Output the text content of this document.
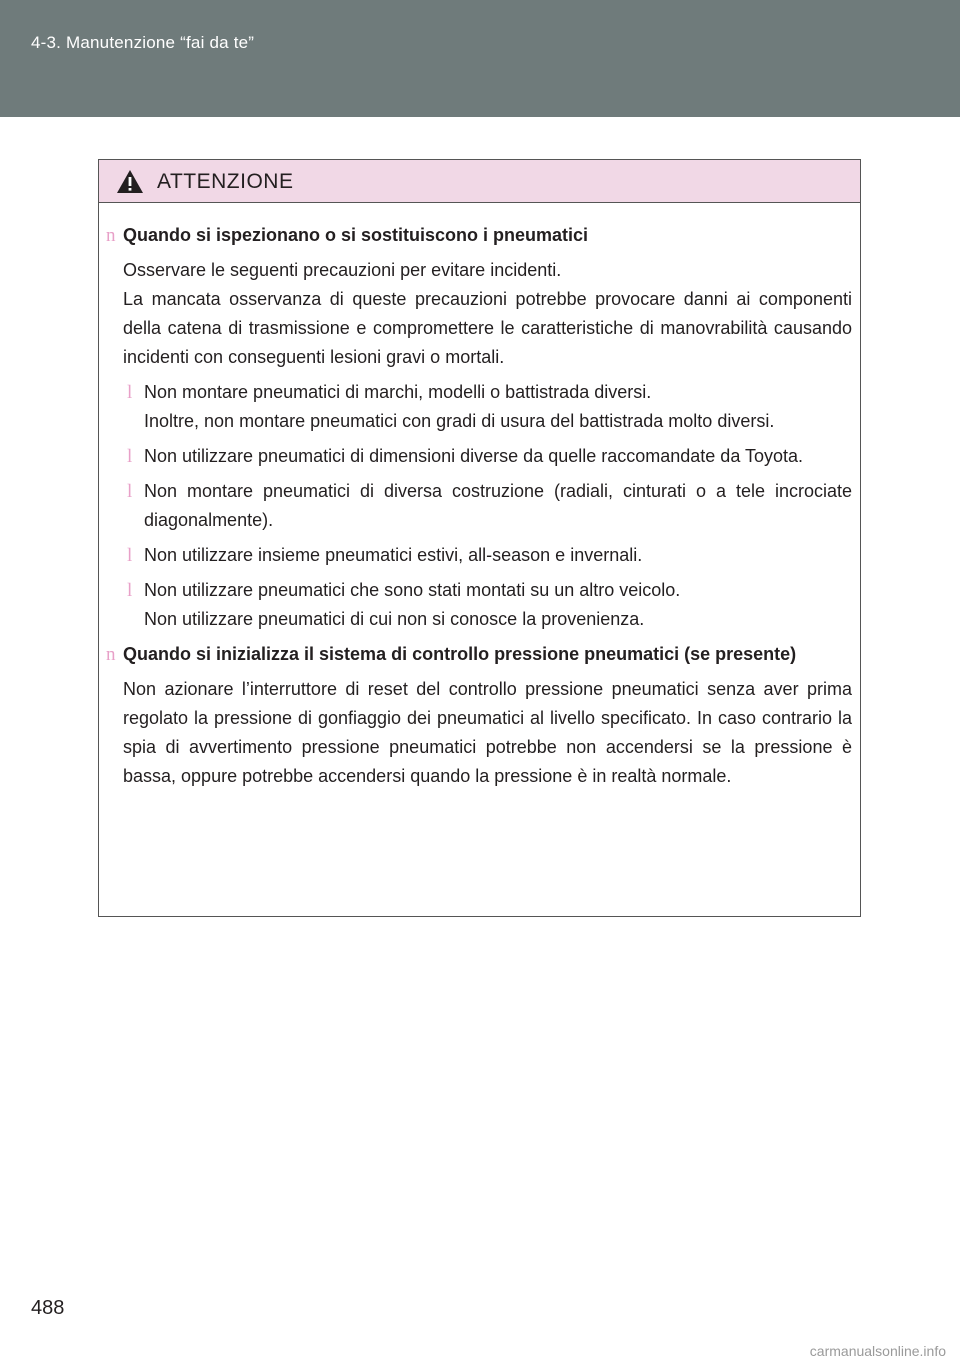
4-3. Manutenzione “fai da te”
ATTENZIONE
n Quando si ispezionano o si sostituiscono i pneumatici
Osservare le seguenti precauzioni per evitare incidenti.
La mancata osservanza di queste precauzioni potrebbe provocare danni ai componenti della catena di trasmissione e compromettere le caratteristiche di manovrabilità causando incidenti con conseguenti lesioni gravi o mortali.
l Non montare pneumatici di marchi, modelli o battistrada diversi.
Inoltre, non montare pneumatici con gradi di usura del battistrada molto diversi.
l Non utilizzare pneumatici di dimensioni diverse da quelle raccomandate da Toyota.
l Non montare pneumatici di diversa costruzione (radiali, cinturati o a tele incrociate diagonalmente).
l Non utilizzare insieme pneumatici estivi, all-season e invernali.
l Non utilizzare pneumatici che sono stati montati su un altro veicolo.
Non utilizzare pneumatici di cui non si conosce la provenienza.
n Quando si inizializza il sistema di controllo pressione pneumatici (se presente)
Non azionare l’interruttore di reset del controllo pressione pneumatici senza aver prima regolato la pressione di gonfiaggio dei pneumatici al livello specificato. In caso contrario la spia di avvertimento pressione pneumatici potrebbe non accendersi se la pressione è bassa, oppure potrebbe accendersi quando la pressione è in realtà normale.
488
carmanualsonline.info
